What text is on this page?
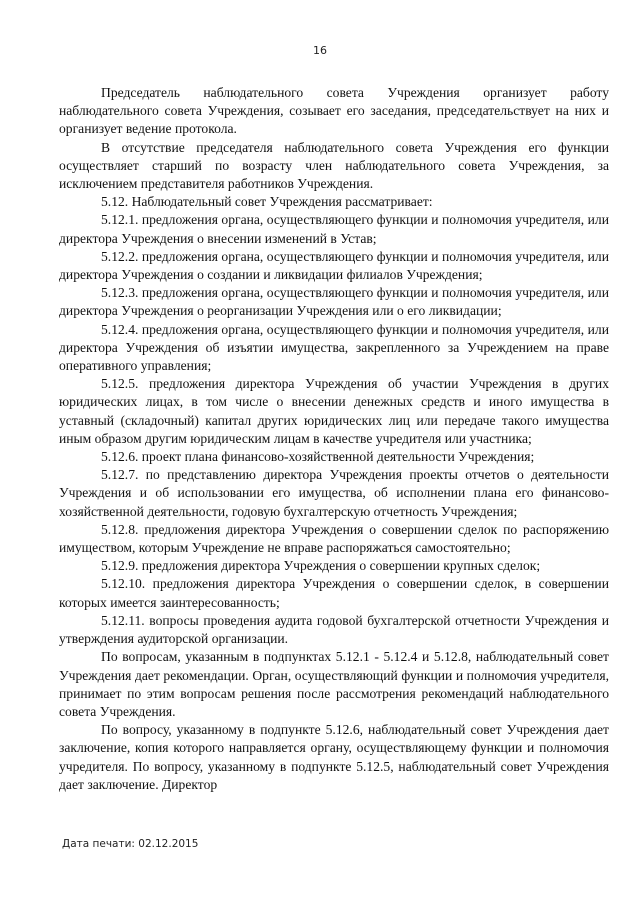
16

Председатель наблюдательного совета Учреждения организует работу наблюдательного совета Учреждения, созывает его заседания, председательствует на них и организует ведение протокола.

В отсутствие председателя наблюдательного совета Учреждения его функции осуществляет старший по возрасту член наблюдательного совета Учреждения, за исключением представителя работников Учреждения.

5.12. Наблюдательный совет Учреждения рассматривает:

5.12.1. предложения органа, осуществляющего функции и полномочия учредителя, или директора Учреждения о внесении изменений в Устав;

5.12.2. предложения органа, осуществляющего функции и полномочия учредителя, или директора Учреждения о создании и ликвидации филиалов Учреждения;

5.12.3. предложения органа, осуществляющего функции и полномочия учредителя, или директора Учреждения о реорганизации Учреждения или о его ликвидации;

5.12.4. предложения органа, осуществляющего функции и полномочия учредителя, или директора Учреждения об изъятии имущества, закрепленного за Учреждением на праве оперативного управления;

5.12.5. предложения директора Учреждения об участии Учреждения в других юридических лицах, в том числе о внесении денежных средств и иного имущества в уставный (складочный) капитал других юридических лиц или передаче такого имущества иным образом другим юридическим лицам в качестве учредителя или участника;

5.12.6. проект плана финансово-хозяйственной деятельности Учреждения;

5.12.7. по представлению директора Учреждения проекты отчетов о деятельности Учреждения и об использовании его имущества, об исполнении плана его финансово-хозяйственной деятельности, годовую бухгалтерскую отчетность Учреждения;

5.12.8. предложения директора Учреждения о совершении сделок по распоряжению имуществом, которым Учреждение не вправе распоряжаться самостоятельно;

5.12.9. предложения директора Учреждения о совершении крупных сделок;

5.12.10. предложения директора Учреждения о совершении сделок, в совершении которых имеется заинтересованность;

5.12.11. вопросы проведения аудита годовой бухгалтерской отчетности Учреждения и утверждения аудиторской организации.

По вопросам, указанным в подпунктах 5.12.1 - 5.12.4 и 5.12.8, наблюдательный совет Учреждения дает рекомендации. Орган, осуществляющий функции и полномочия учредителя, принимает по этим вопросам решения после рассмотрения рекомендаций наблюдательного совета Учреждения.

По вопросу, указанному в подпункте 5.12.6, наблюдательный совет Учреждения дает заключение, копия которого направляется органу, осуществляющему функции и полномочия учредителя. По вопросу, указанному в подпункте 5.12.5, наблюдательный совет Учреждения дает заключение. Директор

Дата печати: 02.12.2015
